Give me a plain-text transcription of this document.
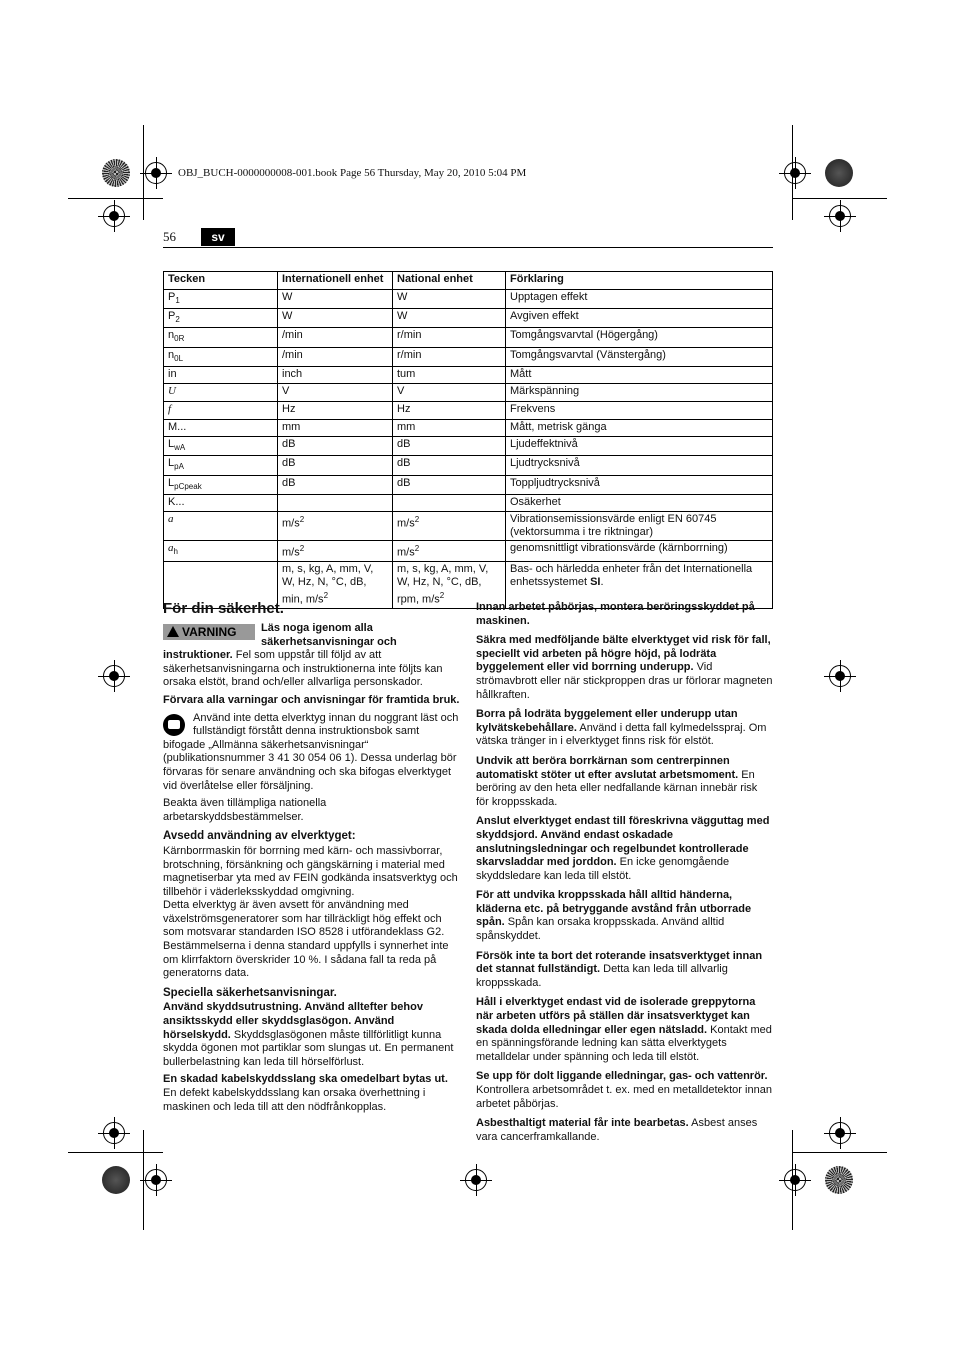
OBJ_BUCH-0000000008-001.book Page 56 Thursday, May 20, 2010 5:04 PM
56	sv
Tecken	Internationell enhet	National enhet	Förklaring
$P_1$	W	W	Upptagen effekt
$P_2$	W	W	Avgiven effekt
$n_{0R}$	/min	r/min	Tomgångsvarvtal (Högergång)
$n_{0L}$	/min	r/min	Tomgångsvarvtal (Vänstergång)
in	inch	tum	Mått
U	V	V	Märkspänning
f	Hz	Hz	Frekvens
M...	mm	mm	Mått, metrisk gänga
$L_{wA}$	dB	dB	Ljudeffektnivå
$L_{pA}$	dB	dB	Ljudtrycksnivå
$L_{pCpeak}$	dB	dB	Toppljudtrycksnivå
K...			Osäkerhet
a	$m/s^2$	$m/s^2$	Vibrationsemissionsvärde enligt EN 60745 (vektorsumma i tre riktningar)
$a_h$	$m/s^2$	$m/s^2$	genomsnittligt vibrationsvärde (kärnborrning)
	m, s, kg, A, mm, V, W, Hz, N, °C, dB, min, $m/s^2$	m, s, kg, A, mm, V, W, Hz, N, °C, dB, rpm, $m/s^2$	Bas- och härledda enheter från det Internationella enhetssystemet SI.
För din säkerhet.

VARNING	Läs noga igenom alla säkerhetsanvisningar och instruktioner. Fel som uppstår till följd av att säkerhetsanvisningarna och instruktionerna inte följts kan orsaka elstöt, brand och/eller allvarliga personskador.

Förvara alla varningar och anvisningar för framtida bruk.

Använd inte detta elverktyg innan du noggrant läst och fullständigt förstått denna instruktionsbok samt bifogade „Allmänna säkerhetsanvisningar“ (publikationsnummer 3 41 30 054 06 1). Dessa underlag bör förvaras för senare användning och ska bifogas elverktyget vid överlåtelse eller försäljning.

Beakta även tillämpliga nationella arbetarskyddsbestämmelser.

Avsedd användning av elverktyget:

Kärnborrmaskin för borrning med kärn- och massivborrar, brotschning, försänkning och gängskärning i material med magnetiserbar yta med av FEIN godkända insatsverktyg och tillbehör i väderleksskyddad omgivning.

Detta elverktyg är även avsett för användning med växelströmsgeneratorer som har tillräckligt hög effekt och som motsvarar standarden ISO 8528 i utförandeklass G2. Bestämmelserna i denna standard uppfylls i synnerhet inte om klirrfaktorn överskrider 10 %. I sådana fall ta reda på generatorns data.

Speciella säkerhetsanvisningar.

Använd skyddsutrustning. Använd alltefter behov ansiktsskydd eller skyddsglasögon. Använd hörselskydd. Skyddsglasögonen måste tillförlitligt kunna skydda ögonen mot partiklar som slungas ut. En permanent bullerbelastning kan leda till hörselförlust.

En skadad kabelskyddsslang ska omedelbart bytas ut. En defekt kabelskyddsslang kan orsaka överhettning i maskinen och leda till att den nödfrånkopplas.

Innan arbetet påbörjas, montera beröringsskyddet på maskinen.

Säkra med medföljande bälte elverktyget vid risk för fall, speciellt vid arbeten på högre höjd, på lodräta byggelement eller vid borrning underupp. Vid strömavbrott eller när stickproppen dras ur förlorar magneten hållkraften.

Borra på lodräta byggelement eller underupp utan kylvätskebehållare. Använd i detta fall kylmedelsspraj. Om vätska tränger in i elverktyget finns risk för elstöt.

Undvik att beröra borrkärnan som centrerpinnen automatiskt stöter ut efter avslutat arbetsmoment. En beröring av den heta eller nedfallande kärnan innebär risk för kroppsskada.

Anslut elverktyget endast till föreskrivna vägguttag med skyddsjord. Använd endast oskadade anslutningsledningar och regelbundet kontrollerade skarvsladdar med jorddon. En icke genomgående skyddsledare kan leda till elstöt.

För att undvika kroppsskada håll alltid händerna, kläderna etc. på betryggande avstånd från utborrade spån. Spån kan orsaka kroppsskada. Använd alltid spånskyddet.

Försök inte ta bort det roterande insatsverktyget innan det stannat fullständigt. Detta kan leda till allvarlig kroppsskada.

Håll i elverktyget endast vid de isolerade greppytorna när arbeten utförs på ställen där insatsverktyget kan skada dolda elledningar eller egen nätsladd. Kontakt med en spänningsförande ledning kan sätta elverktygets metalldelar under spänning och leda till elstöt.

Se upp för dolt liggande elledningar, gas- och vattenrör. Kontrollera arbetsområdet t. ex. med en metalldetektor innan arbetet påbörjas.

Asbesthaltigt material får inte bearbetas. Asbest anses vara cancerframkallande.
